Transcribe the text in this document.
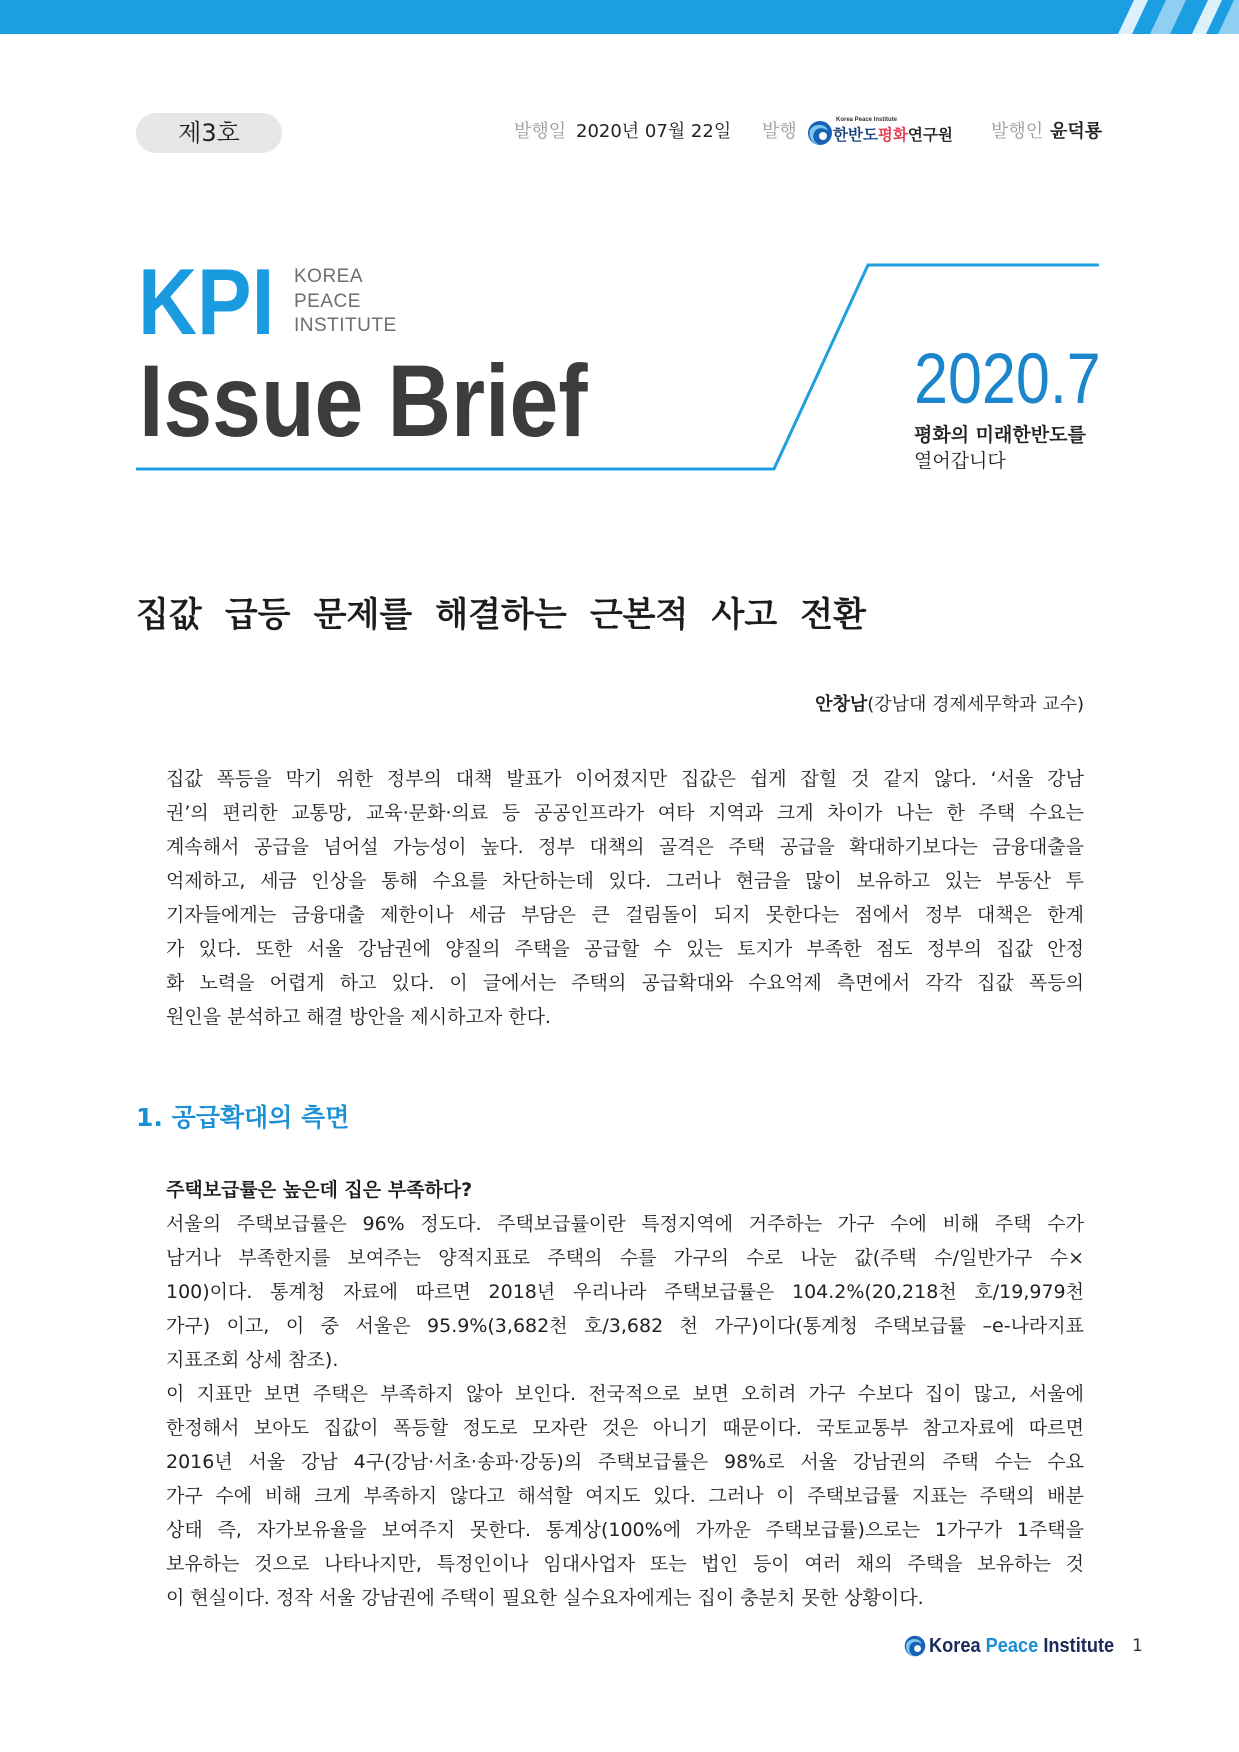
제3호	발행일 2020년 07월 22일 발행
Korea Peace Institute
한반도평화연구원 발행인 윤덕룡
KPI KOREA
PEACE
INSTITUTE
Issue Brief	2020.7
평화의 미래한반도를
열어갑니다
집값 급등 문제를 해결하는 근본적 사고 전환
안창남(강남대 경제세무학과 교수)
집값 폭등을 막기 위한 정부의 대책 발표가 이어졌지만 집값은 쉽게 잡힐 것 같지 않다. ‘서울 강남
권’의 편리한 교통망, 교육·문화·의료 등 공공인프라가 여타 지역과 크게 차이가 나는 한 주택 수요는
계속해서 공급을 넘어설 가능성이 높다. 정부 대책의 골격은 주택 공급을 확대하기보다는 금융대출을
억제하고, 세금 인상을 통해 수요를 차단하는데 있다. 그러나 현금을 많이 보유하고 있는 부동산 투
기자들에게는 금융대출 제한이나 세금 부담은 큰 걸림돌이 되지 못한다는 점에서 정부 대책은 한계
가 있다. 또한 서울 강남권에 양질의 주택을 공급할 수 있는 토지가 부족한 점도 정부의 집값 안정
화 노력을 어렵게 하고 있다. 이 글에서는 주택의 공급확대와 수요억제 측면에서 각각 집값 폭등의
원인을 분석하고 해결 방안을 제시하고자 한다.
1. 공급확대의 측면
주택보급률은 높은데 집은 부족하다?
서울의 주택보급률은 96% 정도다. 주택보급률이란 특정지역에 거주하는 가구 수에 비해 주택 수가
남거나 부족한지를 보여주는 양적지표로 주택의 수를 가구의 수로 나눈 값(주택 수/일반가구 수×
100)이다. 통계청 자료에 따르면 2018년 우리나라 주택보급률은 104.2%(20,218천 호/19,979천
가구) 이고, 이 중 서울은 95.9%(3,682천 호/3,682 천 가구)이다(통계청 주택보급률 –e-나라지표
지표조회 상세 참조).
이 지표만 보면 주택은 부족하지 않아 보인다. 전국적으로 보면 오히려 가구 수보다 집이 많고, 서울에
한정해서 보아도 집값이 폭등할 정도로 모자란 것은 아니기 때문이다. 국토교통부 참고자료에 따르면
2016년 서울 강남 4구(강남·서초·송파·강동)의 주택보급률은 98%로 서울 강남권의 주택 수는 수요
가구 수에 비해 크게 부족하지 않다고 해석할 여지도 있다. 그러나 이 주택보급률 지표는 주택의 배분
상태 즉, 자가보유율을 보여주지 못한다. 통계상(100%에 가까운 주택보급률)으로는 1가구가 1주택을
보유하는 것으로 나타나지만, 특정인이나 임대사업자 또는 법인 등이 여러 채의 주택을 보유하는 것
이 현실이다. 정작 서울 강남권에 주택이 필요한 실수요자에게는 집이 충분치 못한 상황이다.
Korea Peace Institute 1
